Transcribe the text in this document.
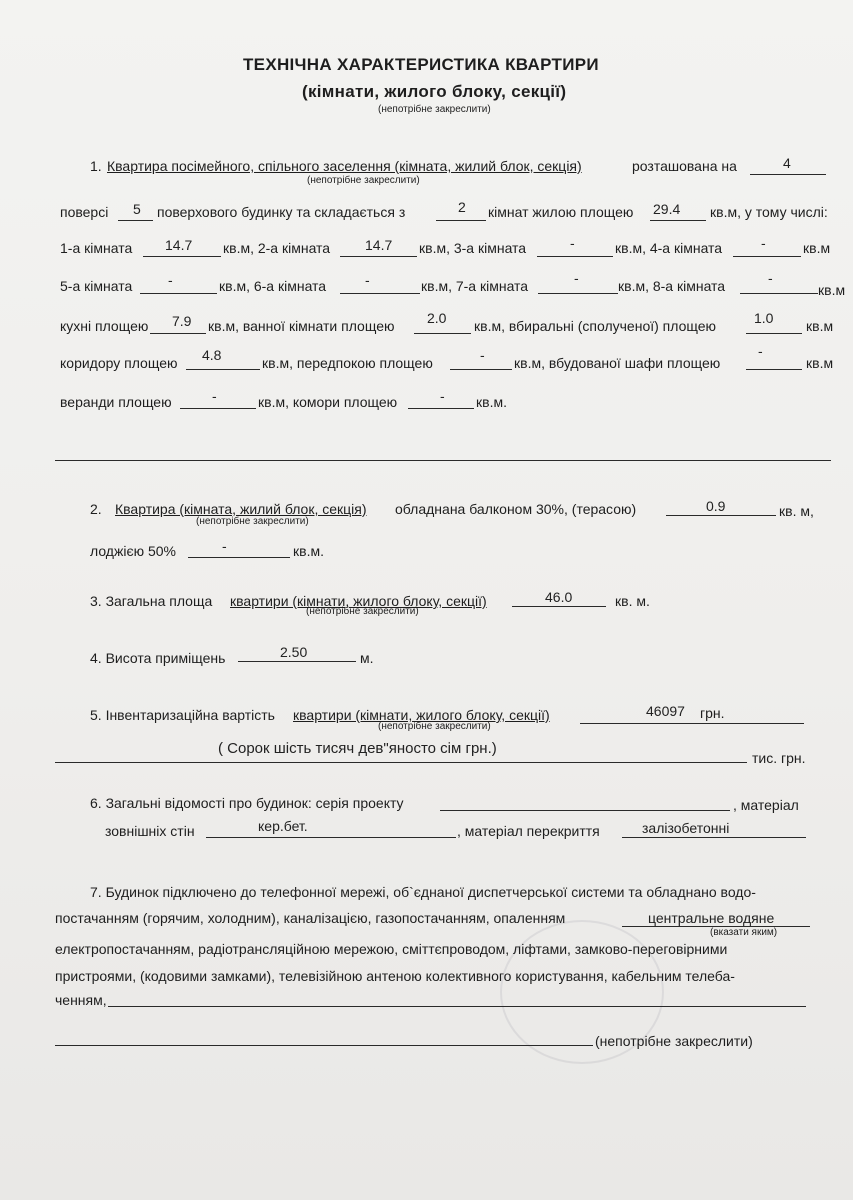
ТЕХНІЧНА ХАРАКТЕРИСТИКА КВАРТИРИ
(кімнати, жилого блоку, секції)
(непотрібне закреслити)
1. Квартира посімейного, спільного заселення (кімната, жилий блок, секція)	розташована на	4
(непотрібне закреслити)
поверсі 5 поверхового будинку та складається з	2 кімнат жилою площею 29.4 кв.м, у тому числі:
1-а кімната 14.7 кв.м, 2-а кімната 14.7 кв.м, 3-а кімната	-	кв.м, 4-а кімната	-	кв.м
5-а кімната	-	кв.м, 6-а кімната	-	кв.м, 7-а кімната	-	кв.м, 8-а кімната	-
кв.м
кухні площею 7.9 кв.м, ванної кімнати площею 2.0 кв.м, вбиральні (сполученої) площею	1.0 кв.м
коридору площею 4.8	кв.м, передпокою площею	- кв.м, вбудованої шафи площею
-
кв.м
веранди площею	-	кв.м, комори площею	- кв.м.
2. Квартира (кімната, жилий блок, секція) обладнана балконом 30%, (терасою)	0.9	кв. м,
(непотрібне закреслити)
лоджією 50%	-	кв.м.
3. Загальна площа квартири (кімнати, жилого блоку, секції)	46.0	кв. м.
(непотрібне закреслити)
4. Висота приміщень	2.50	м.
5. Інвентаризаційна вартість квартири (кімнати, жилого блоку, секції)	46097 грн.
(непотрібне закреслити)
( Сорок шість тисяч дев"яносто сім грн.)
тис. грн.
6. Загальні відомості про будинок: серія проекту	, матеріал
зовнішніх стін	кер.бет.	, матеріал перекриття	залізобетонні
7. Будинок підключено до телефонної мережі, об`єднаної диспетчерської системи та обладнано водо-
постачанням (горячим, холодним), каналізацією, газопостачанням, опаленням	центральне водяне
(вказати яким)
електропостачанням, радіотрансляційною мережою, сміттєпроводом, ліфтами, замково-переговірними
пристроями, (кодовими замками), телевізійною антеною колективного користування, кабельним телеба-
ченням,
(непотрібне закреслити)
